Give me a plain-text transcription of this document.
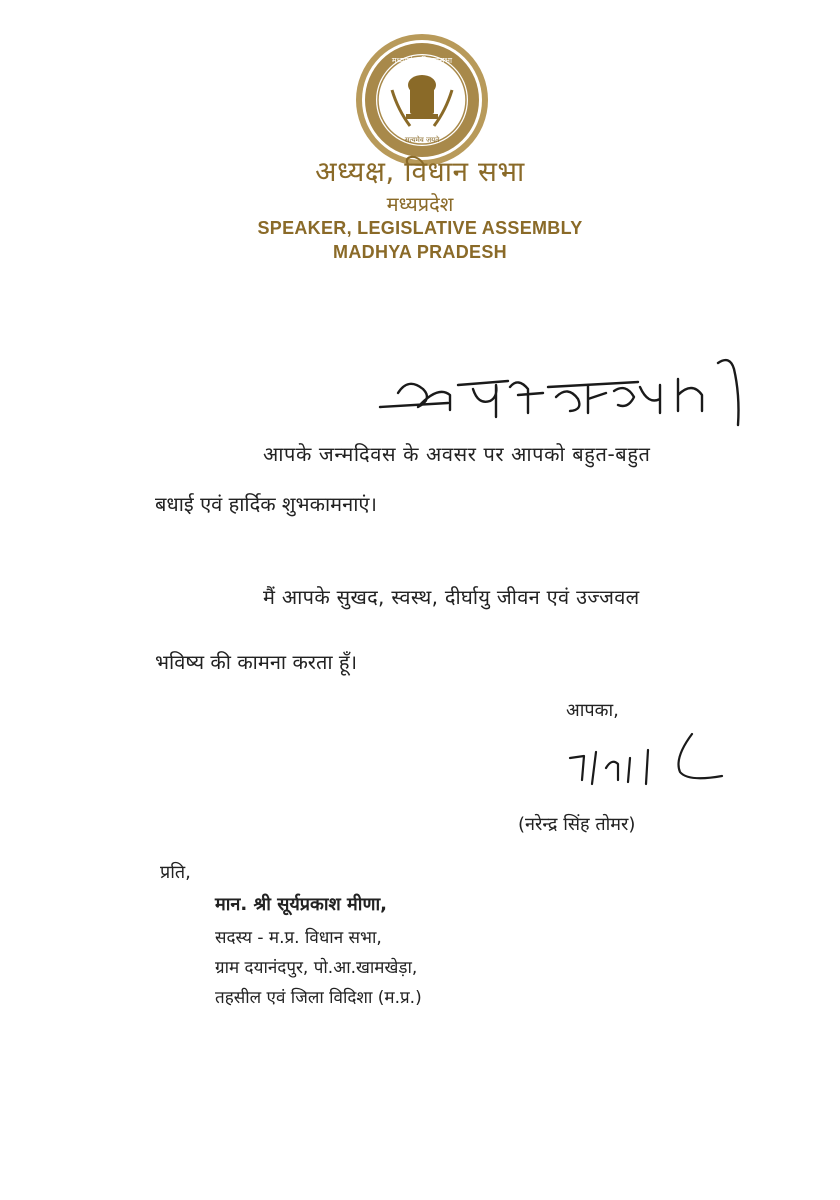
मध्यप्रदेश विधानसभा
सत्यमेव जयते
अध्यक्ष, विधान सभा
मध्यप्रदेश
SPEAKER, LEGISLATIVE ASSEMBLY
MADHYA PRADESH
आपके जन्मदिवस के अवसर पर आपको बहुत-बहुत
बधाई एवं हार्दिक शुभकामनाएं।
मैं आपके सुखद, स्वस्थ, दीर्घायु जीवन एवं उज्जवल
भविष्य की कामना करता हूँ।
आपका,
(नरेन्द्र सिंह तोमर)
प्रति,
मान. श्री सूर्यप्रकाश मीणा,
सदस्य - म.प्र. विधान सभा,
ग्राम दयानंदपुर, पो.आ.खामखेड़ा,
तहसील एवं जिला विदिशा (म.प्र.)
